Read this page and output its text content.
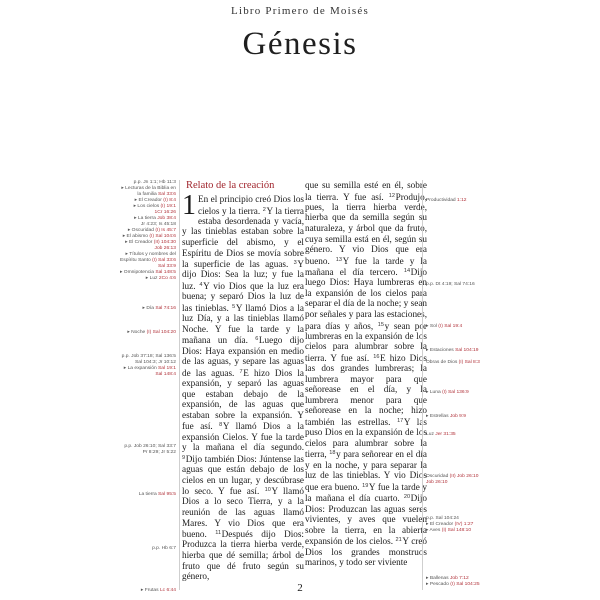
Libro Primero de Moisés
Génesis
p.p. Jn 1:1; Hb 11:3
▸ Lecturas de la Biblia en
la familia Sal 33:6
▸ El Creador (I) 8:4
▸ Los cielos (I) 19:1
1Cr 16:26
▸ La tierra Job 38:4
Jr 4:23; Is 45:18
▸ Oscuridad (I) Is 45:7
▸ El abismo (I) Sal 104:6
▸ El Creador (II) 104:30
Job 26:13
▸ Títulos y nombres del
Espíritu Santo (I) Sal 33:6
Sal 33:9
▸ Omnipotencia Sal 148:5
▸ Luz 2Co 4:6
▸ Día Sal 74:16
▸ Noche (I) Sal 104:20
p.p. Job 37:18; Sal 136:5
Sal 104:3; Jr 10:12
▸ La expansión Sal 19:1
Sal 148:4
p.p. Job 26:10; Sal 33:7
Pr 8:29; Jr 5:22
La tierra Sal 95:5
p.p. Hb 6:7
▸ Frutas Lc 6:44
Relato de la creación
1 En el principio creó Dios los cielos y la tierra. $^2$Y la tierra estaba desordenada y vacía, y las tinieblas estaban sobre la superficie del abismo, y el Espíritu de Dios se movía sobre la superficie de las aguas. $^3$Y dijo Dios: Sea la luz; y fue la luz. $^4$Y vio Dios que la luz era buena; y separó Dios la luz de las tinieblas. $^5$Y llamó Dios a la luz Día, y a las tinieblas llamó Noche. Y fue la tarde y la mañana un día. $^6$Luego dijo Dios: Haya expansión en medio de las aguas, y separe las aguas de las aguas. $^7$E hizo Dios la expansión, y separó las aguas que estaban debajo de la expansión, de las aguas que estaban sobre la expansión. Y fue así. $^8$Y llamó Dios a la expansión Cielos. Y fue la tarde y la mañana el día segundo. $^9$Dijo también Dios: Júntense las aguas que están debajo de los cielos en un lugar, y descúbrase lo seco. Y fue así. $^{10}$Y llamó Dios a lo seco Tierra, y a la reunión de las aguas llamó Mares. Y vio Dios que era bueno. $^{11}$Después dijo Dios: Produzca la tierra hierba verde, hierba que dé semilla; árbol de fruto que dé fruto según su género,

que su semilla esté en él, sobre la tierra. Y fue así. $^{12}$Produjo, pues, la tierra hierba verde, hierba que da semilla según su naturaleza, y árbol que da fruto, cuya semilla está en él, según su género. Y vio Dios que era bueno. $^{13}$Y fue la tarde y la mañana el día tercero. $^{14}$Dijo luego Dios: Haya lumbreras en la expansión de los cielos para separar el día de la noche; y sean por señales y para las estaciones, para días y años, $^{15}$y sean por lumbreras en la expansión de los cielos para alumbrar sobre la tierra. Y fue así. $^{16}$E hizo Dios las dos grandes lumbreras; la lumbrera mayor para que señorease en el día, y la lumbrera menor para que señorease en la noche; hizo también las estrellas. $^{17}$Y las puso Dios en la expansión de los cielos para alumbrar sobre la tierra, $^{18}$y para señorear en el día y en la noche, y para separar la luz de las tinieblas. Y vio Dios que era bueno. $^{19}$Y fue la tarde y la mañana el día cuarto. $^{20}$Dijo Dios: Produzcan las aguas seres vivientes, y aves que vuelen sobre la tierra, en la abierta expansión de los cielos. $^{21}$Y creó Dios los grandes monstruos marinos, y todo ser viviente

Productividad 1:12
p.p. Dt 4:19; Sal 74:16
▸ Sol (I) Sal 19:4
▸ Estaciones Sal 104:19
Obras de Dios (I) Sal 8:3
▸ Luna (I) Sal 136:9
▸ Estrellas Job 9:9
Luz Jer 31:35
Oscuridad (II) Job 26:10
Job 26:10
p.p. Sal 104:24
▸ El Creador (IV) 1:27
▸ Aves (I) Sal 148:10
▸ Ballenas Job 7:12
▸ Pescado (I) Sal 104:25
2
